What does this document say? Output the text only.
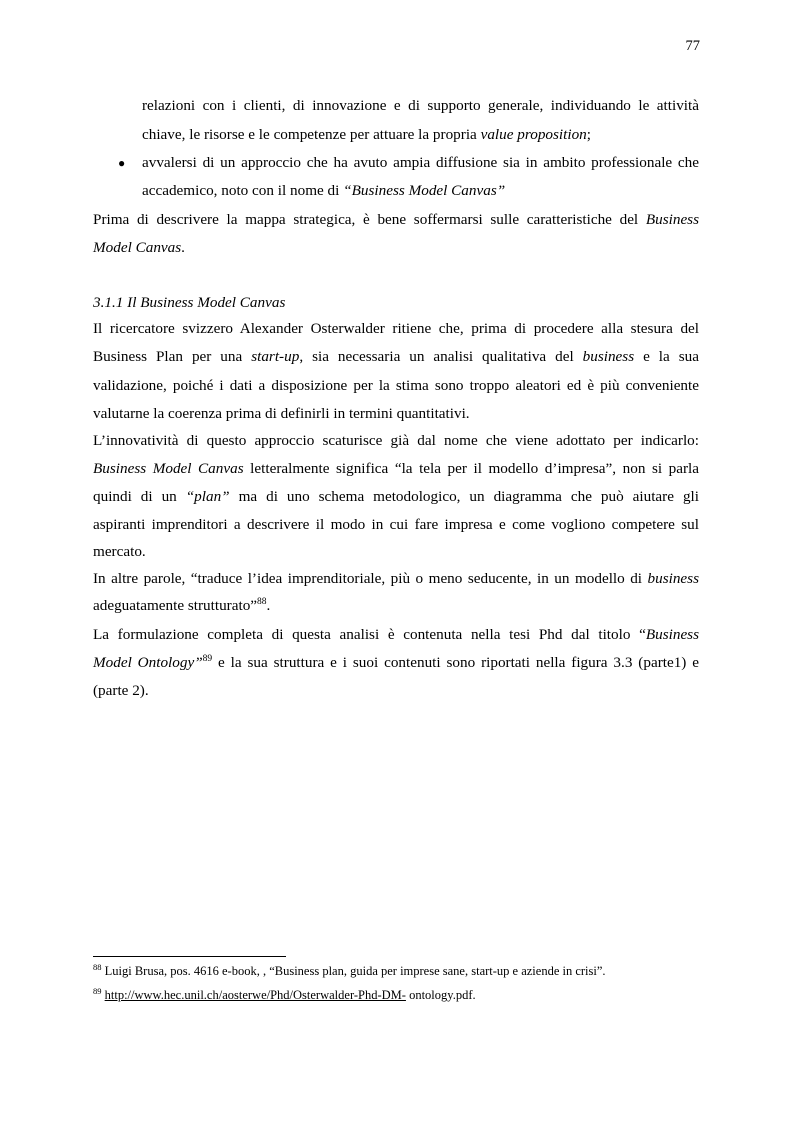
77
relazioni con i clienti, di innovazione e di supporto generale, individuando le attività
chiave, le risorse e le competenze per attuare la propria value proposition;
● avvalersi di un approccio che ha avuto ampia diffusione sia in ambito professionale che
accademico, noto con il nome di “Business Model Canvas”
Prima di descrivere la mappa strategica, è bene soffermarsi sulle caratteristiche del Business
Model Canvas.
3.1.1 Il Business Model Canvas
Il ricercatore svizzero Alexander Osterwalder ritiene che, prima di procedere alla stesura del
Business Plan per una start-up, sia necessaria un analisi qualitativa del business e la sua
validazione, poiché i dati a disposizione per la stima sono troppo aleatori ed è più conveniente
valutarne la coerenza prima di definirli in termini quantitativi.
L’innovatività di questo approccio scaturisce già dal nome che viene adottato per indicarlo:
Business Model Canvas letteralmente significa “la tela per il modello d’impresa”, non si parla
quindi di un “plan” ma di uno schema metodologico, un diagramma che può aiutare gli
aspiranti imprenditori a descrivere il modo in cui fare impresa e come vogliono competere sul
mercato.
In altre parole, “traduce l’idea imprenditoriale, più o meno seducente, in un modello di business
adeguatamente strutturato”$^{88}$.
La formulazione completa di questa analisi è contenuta nella tesi Phd dal titolo “Business
Model Ontology”$^{89}$ e la sua struttura e i suoi contenuti sono riportati nella figura 3.3 (parte1) e
(parte 2).
$^{88}$ Luigi Brusa, pos. 4616 e-book, , “Business plan, guida per imprese sane, start-up e aziende in crisi”.
$^{89}$ http://www.hec.unil.ch/aosterwe/Phd/Osterwalder-Phd-DM- ontology.pdf.
